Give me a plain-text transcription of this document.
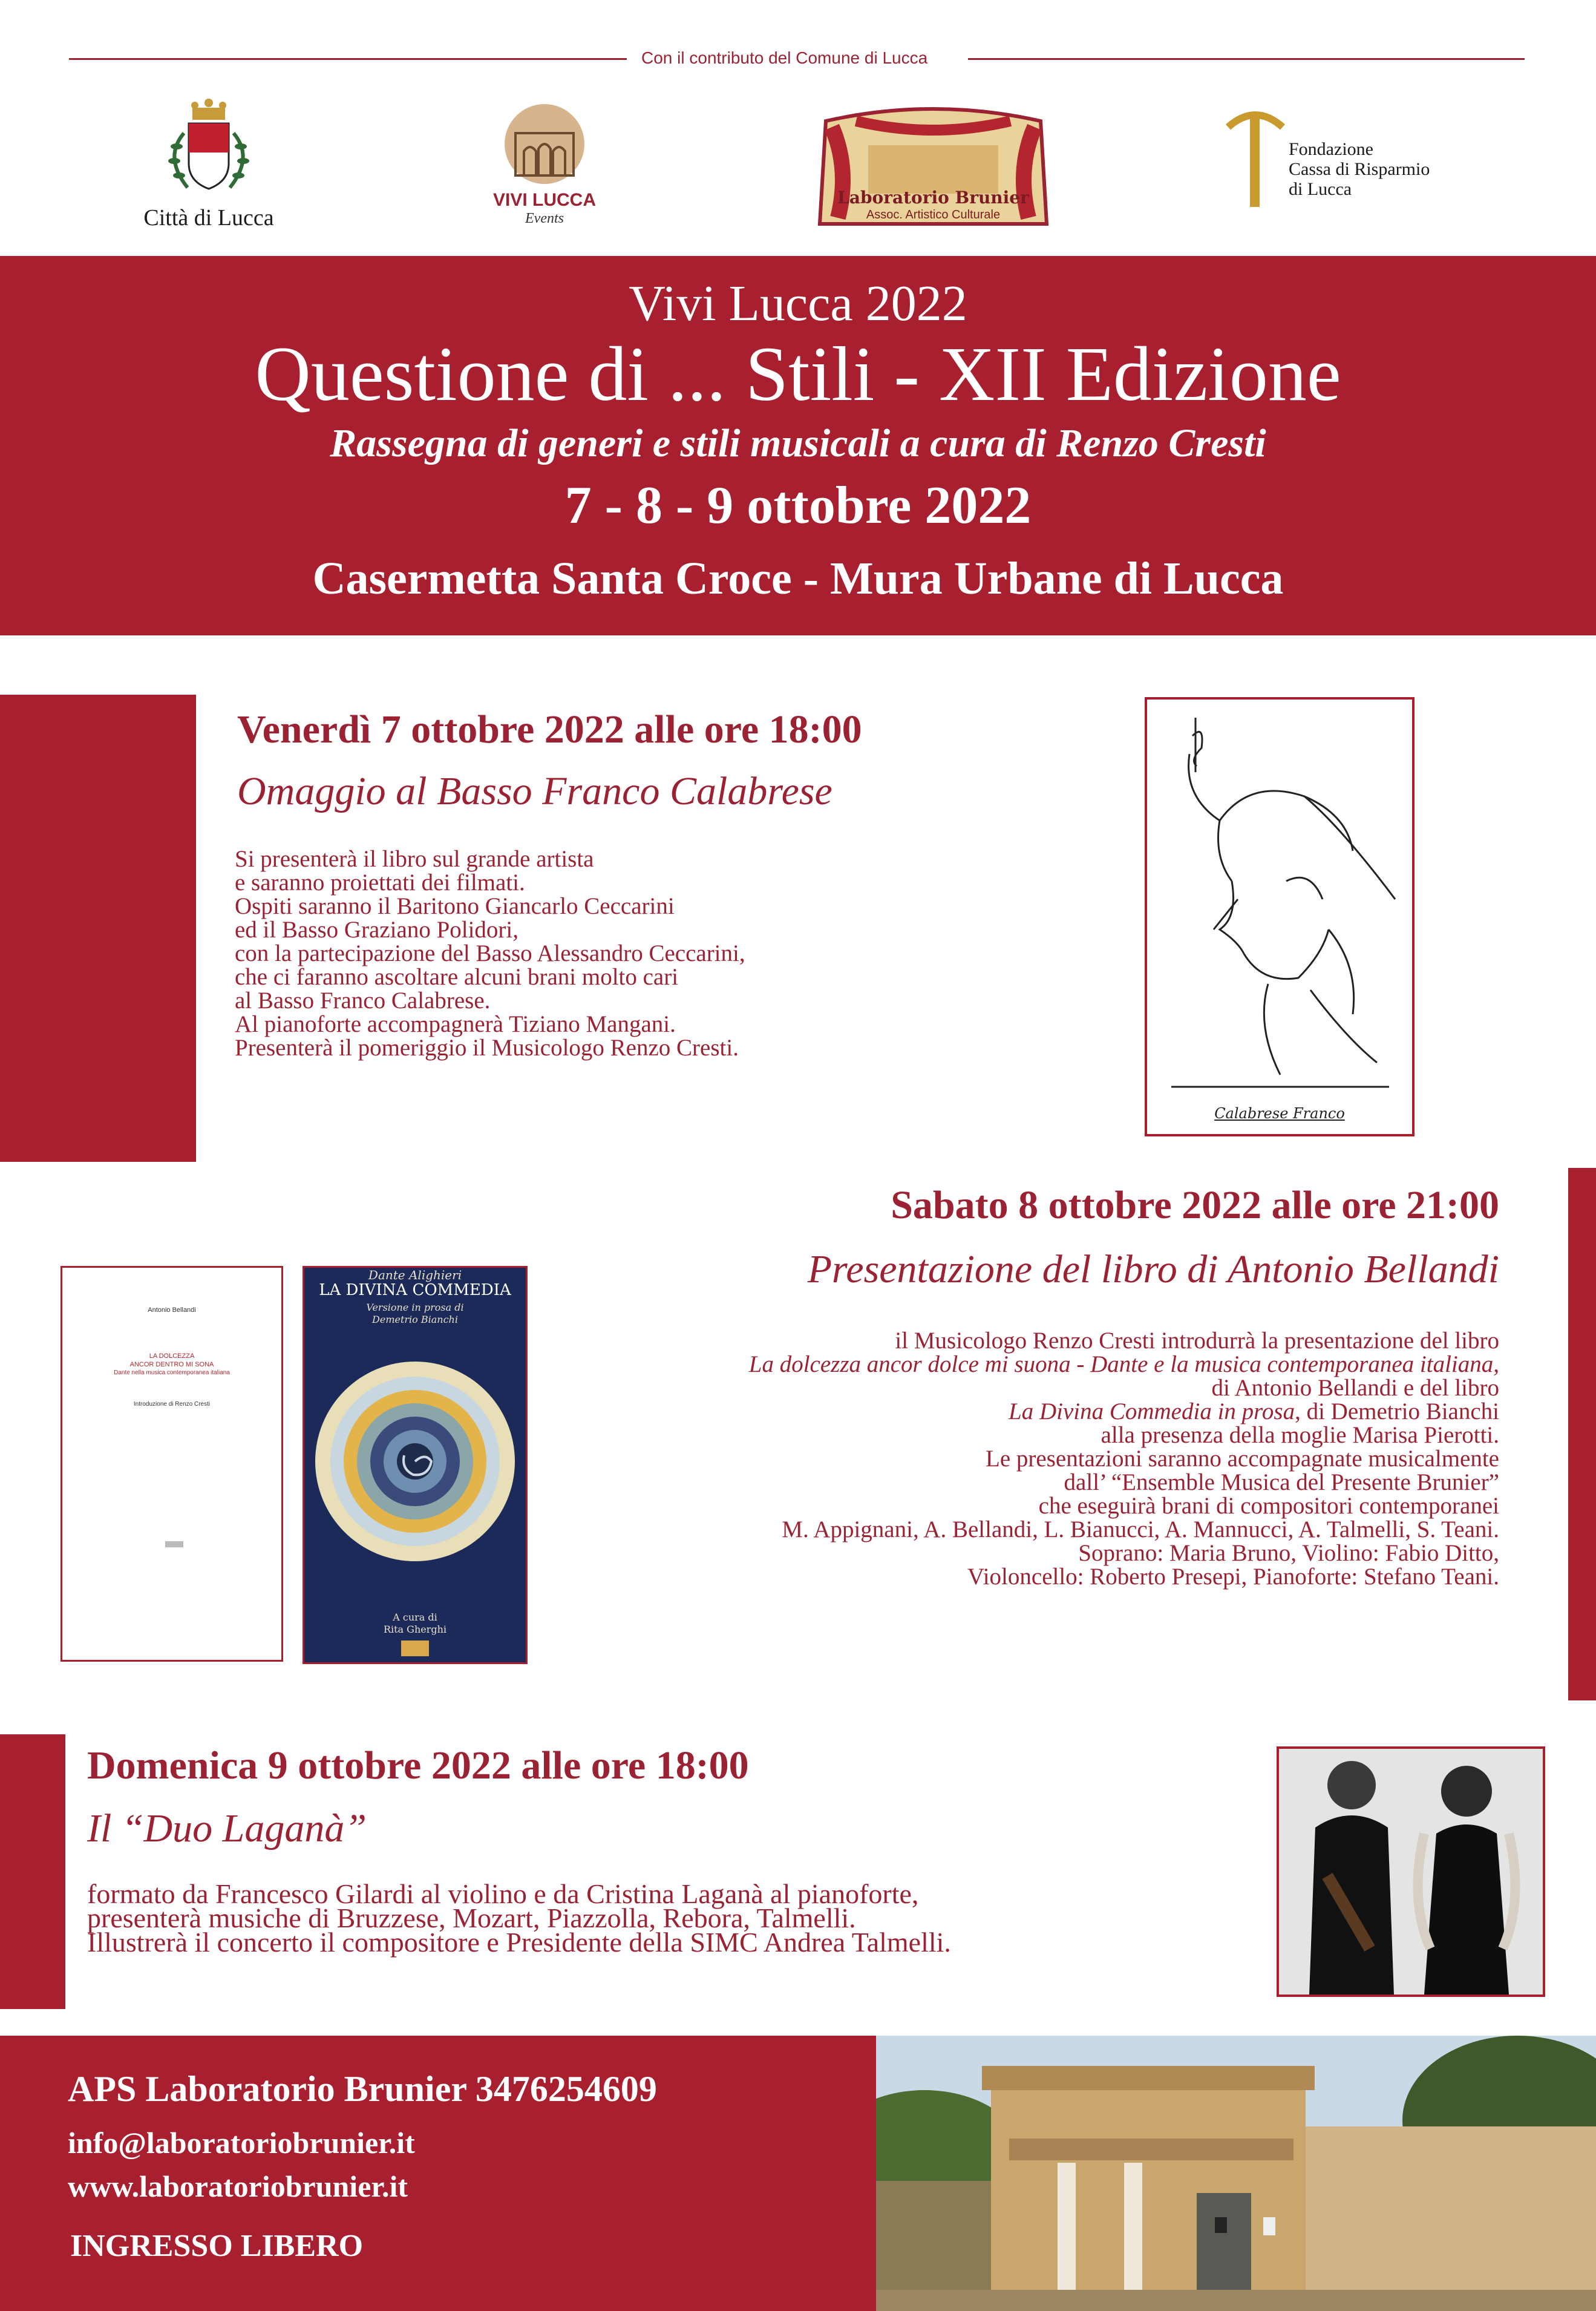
Con il contributo del Comune di Lucca
Città di Lucca
VIVI LUCCA
Events
Laboratorio Brunier
Assoc. Artistico Culturale
Fondazione
Cassa di Risparmio
di Lucca
Vivi Lucca 2022
Questione di ... Stili - XII Edizione
Rassegna di generi e stili musicali a cura di Renzo Cresti
7 - 8 - 9 ottobre 2022
Casermetta Santa Croce - Mura Urbane di Lucca
Venerdì 7 ottobre 2022 alle ore 18:00
Omaggio al Basso Franco Calabrese
Si presenterà il libro sul grande artista
e saranno proiettati dei filmati.
Ospiti saranno il Baritono Giancarlo Ceccarini
ed il Basso Graziano Polidori,
con la partecipazione del Basso Alessandro Ceccarini,
che ci faranno ascoltare alcuni brani molto cari
al Basso Franco Calabrese.
Al pianoforte accompagnerà Tiziano Mangani.
Presenterà il pomeriggio il Musicologo Renzo Cresti.
Calabrese Franco
Sabato 8 ottobre 2022 alle ore 21:00
Presentazione del libro di Antonio Bellandi
il Musicologo Renzo Cresti introdurrà la presentazione del libro
La dolcezza ancor dolce mi suona - Dante e la musica contemporanea italiana,
di Antonio Bellandi e del libro
La Divina Commedia in prosa, di Demetrio Bianchi
alla presenza della moglie Marisa Pierotti.
Le presentazioni saranno accompagnate musicalmente
dall’ “Ensemble Musica del Presente Brunier”
che eseguirà brani di compositori contemporanei
M. Appignani, A. Bellandi, L. Bianucci, A. Mannucci, A. Talmelli, S. Teani.
Soprano: Maria Bruno, Violino: Fabio Ditto,
Violoncello: Roberto Presepi, Pianoforte: Stefano Teani.
Antonio Bellandi
LA DOLCEZZA
ANCOR DENTRO MI SONA
Dante nella musica contemporanea italiana
Introduzione di Renzo Cresti
Dante Alighieri
LA DIVINA COMMEDIA
Versione in prosa di
Demetrio Bianchi
A cura di
Rita Gherghi
Domenica 9 ottobre 2022 alle ore 18:00
Il “Duo Laganà”
formato da Francesco Gilardi al violino e da Cristina Laganà al pianoforte,
presenterà musiche di Bruzzese, Mozart, Piazzolla, Rebora, Talmelli.
Illustrerà il concerto il compositore e Presidente della SIMC Andrea Talmelli.
APS Laboratorio Brunier 3476254609
info@laboratoriobrunier.it
www.laboratoriobrunier.it
INGRESSO LIBERO
